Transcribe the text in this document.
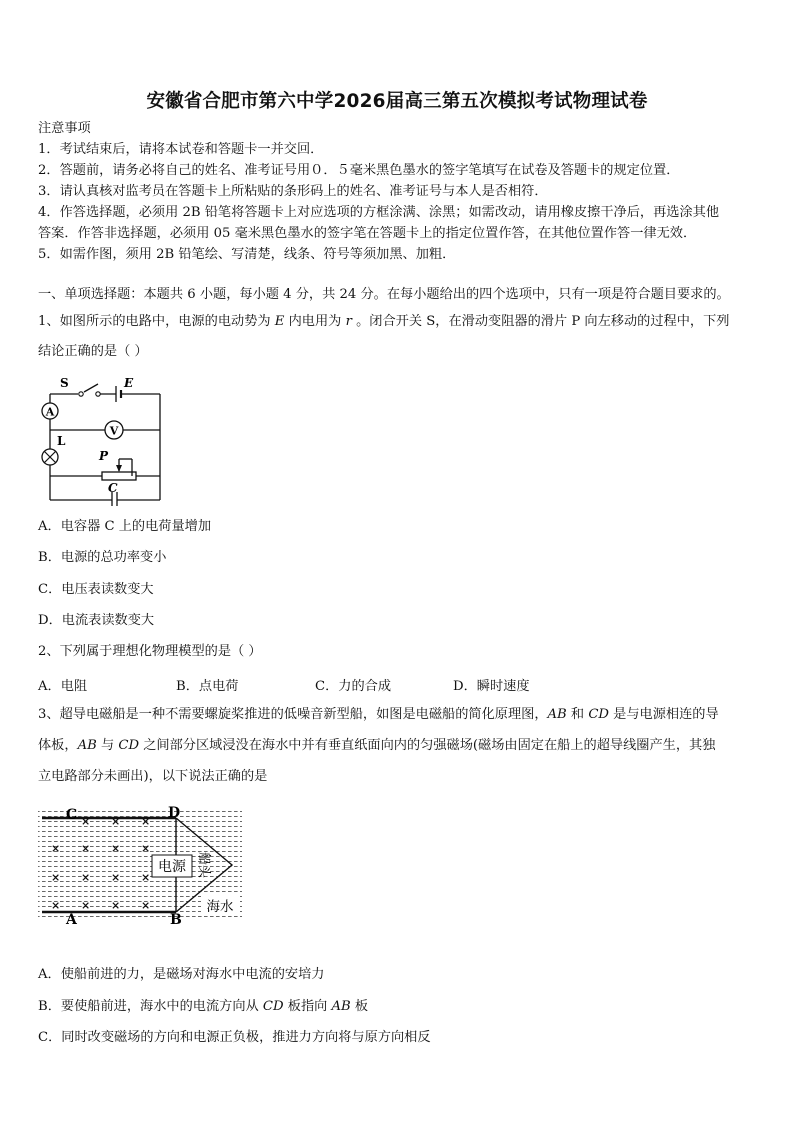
安徽省合肥市第六中学2026届高三第五次模拟考试物理试卷
注意事项
1．考试结束后，请将本试卷和答题卡一并交回．
2．答题前，请务必将自己的姓名、准考证号用０．５毫米黑色墨水的签字笔填写在试卷及答题卡的规定位置．
3．请认真核对监考员在答题卡上所粘贴的条形码上的姓名、准考证号与本人是否相符．
4．作答选择题，必须用 2B 铅笔将答题卡上对应选项的方框涂满、涂黑；如需改动，请用橡皮擦干净后，再选涂其他
答案．作答非选择题，必须用 05 毫米黑色墨水的签字笔在答题卡上的指定位置作答，在其他位置作答一律无效．
5．如需作图，须用 2B 铅笔绘、写清楚，线条、符号等须加黑、加粗．
一、单项选择题：本题共 6 小题，每小题 4 分，共 24 分。在每小题给出的四个选项中，只有一项是符合题目要求的。
1、如图所示的电路中，电源的电动势为 E 内电用为 r 。闭合开关 S，在滑动变阻器的滑片 P 向左移动的过程中，下列
结论正确的是（ ）
A
V
S	E
L
P
C
A．电容器 C 上的电荷量增加
B．电源的总功率变小
C．电压表读数变大
D．电流表读数变大
2、下列属于理想化物理模型的是（ ）
A．电阻	B．点电荷	C．力的合成	D．瞬时速度
3、超导电磁船是一种不需要螺旋桨推进的低噪音新型船，如图是电磁船的简化原理图，AB 和 CD 是与电源相连的导
体板，AB 与 CD 之间部分区域浸没在海水中并有垂直纸面向内的匀强磁场(磁场由固定在船上的超导线圈产生，其独
立电路部分未画出)，以下说法正确的是
电源 船头
海水
C	D
A	B
× × ×
× × × ×
× × × ×
× × × ×
A．使船前进的力，是磁场对海水中电流的安培力
B．要使船前进，海水中的电流方向从 CD 板指向 AB 板
C．同时改变磁场的方向和电源正负极，推进力方向将与原方向相反
